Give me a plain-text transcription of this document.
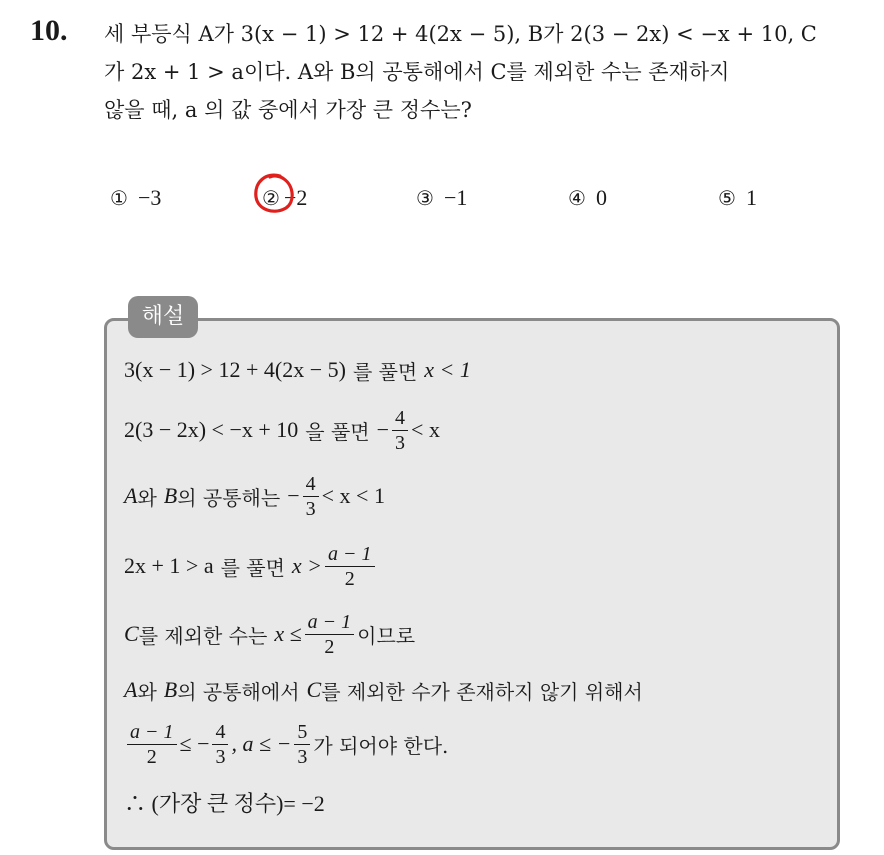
10. 세 부등식 A가 3(x − 1) > 12 + 4(2x − 5), B가 2(3 − 2x) < −x + 10, C
가 2x + 1 > a이다. A와 B의 공통해에서 C를 제외한 수는 존재하지
않을 때, a 의 값 중에서 가장 큰 정수는?
① −3	② −2	③ −1	④ 0	⑤ 1
해설
3(x − 1) > 12 + 4(2x − 5) 를 풀면 x < 1
2(3 − 2x) < −x + 10 을 풀면 − $\frac{4}{3} < x$
A 와 B 의 공통해는 − $\frac{4}{3} < x < 1$
2x + 1 > a 를 풀면 $x > \frac{a - 1}{2}$
C 를 제외한 수는 $x \le \frac{a - 1}{2}$ 이므로
A 와 B 의 공통해에서 C 를 제외한 수가 존재하지 않기 위해서
$\frac{a - 1}{2}$ ≤ − $\frac{4}{3}$ , a ≤ − $\frac{5}{3}$ 가 되어야 한다.
∴ (가장 큰 정수)= −2
